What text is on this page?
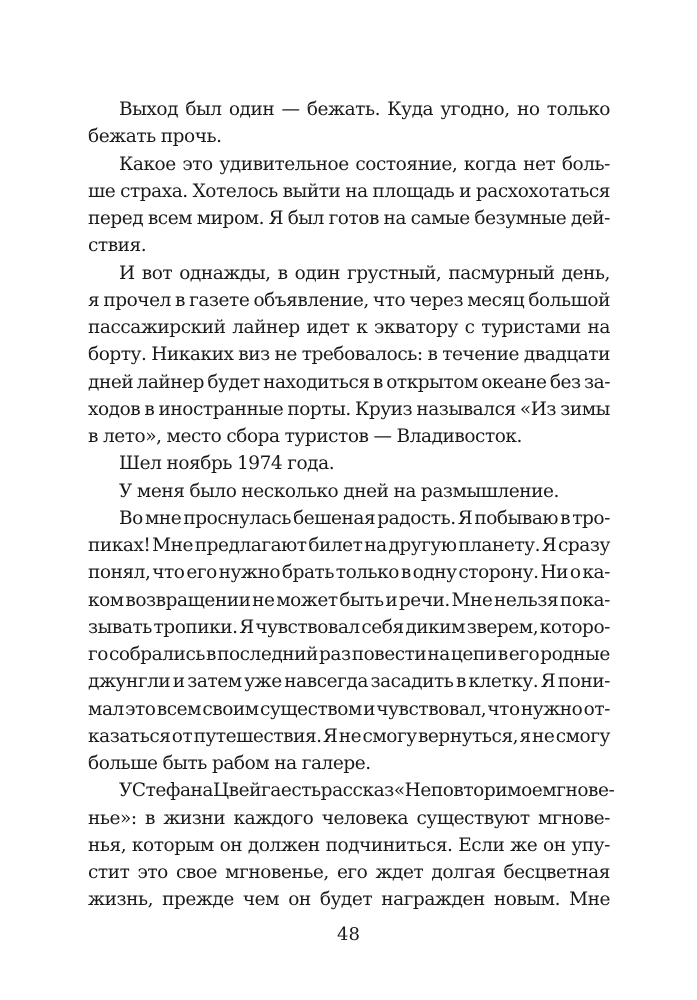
Выход был один — бежать. Куда угодно, но только
бежать прочь.
Какое это удивительное состояние, когда нет боль-
ше страха. Хотелось выйти на площадь и расхохотаться
перед всем миром. Я был готов на самые безумные дей-
ствия.
И вот однажды, в один грустный, пасмурный день,
я прочел в газете объявление, что через месяц большой
пассажирский лайнер идет к экватору с туристами на
борту. Никаких виз не требовалось: в течение двадцати
дней лайнер будет находиться в открытом океане без за-
ходов в иностранные порты. Круиз назывался «Из зимы
в лето», место сбора туристов — Владивосток.
Шел ноябрь 1974 года.
У меня было несколько дней на размышление.
Во мне проснулась бешеная радость. Я побываю в тро-
пиках! Мне предлагают билет на другую планету. Я сразу
понял, что его нужно брать только в одну сторону. Ни о ка-
ком возвращении не может быть и речи. Мне нельзя пока-
зывать тропики. Я чувствовал себя диким зверем, которо-
го собрались в последний раз повести на цепи в его родные
джунгли и затем уже навсегда засадить в клетку. Я пони-
мал это всем своим существом и чувствовал, что нужно от-
казаться от путешествия. Я не смогу вернуться, я не смогу
больше быть рабом на галере.
У Стефана Цвейга есть рассказ «Неповторимое мгнове-
нье»: в жизни каждого человека существуют мгнове-
нья, которым он должен подчиниться. Если же он упу-
стит это свое мгновенье, его ждет долгая бесцветная
жизнь, прежде чем он будет награжден новым. Мне
48
